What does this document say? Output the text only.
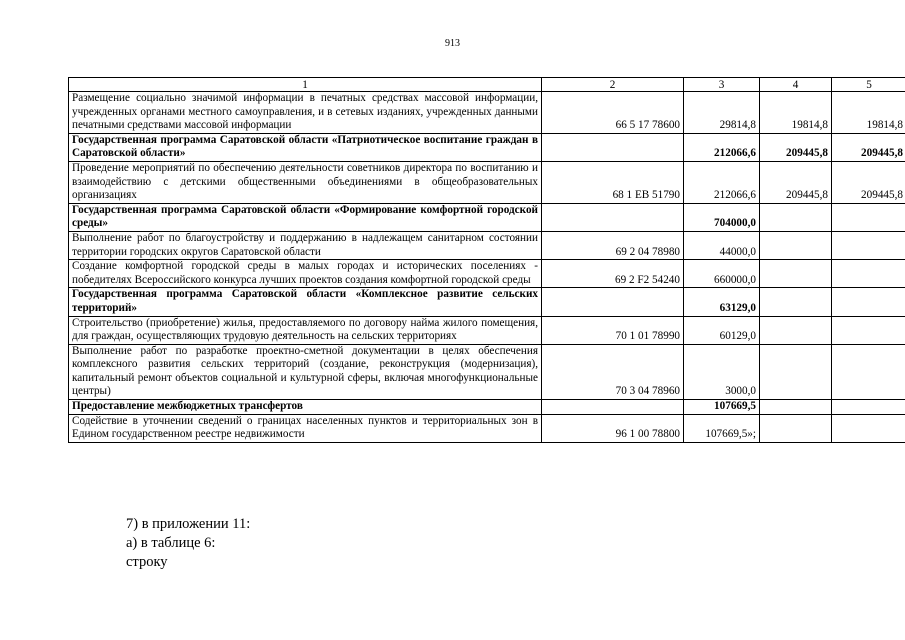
913
1	2	3	4	5
Размещение социально значимой информации в печатных средствах массовой информации, учрежденных органами местного самоуправления, и в сетевых изданиях, учрежденных данными печатными средствами массовой информации	66 5 17 78600	29814,8	19814,8	19814,8
Государственная программа Саратовской области «Патриотическое воспитание граждан в Саратовской области»		212066,6	209445,8	209445,8
Проведение мероприятий по обеспечению деятельности советников директора по воспитанию и взаимодействию с детскими общественными объединениями в общеобразовательных организациях	68 1 ЕВ 51790	212066,6	209445,8	209445,8
Государственная программа Саратовской области «Формирование комфортной городской среды»		704000,0		
Выполнение работ по благоустройству и поддержанию в надлежащем санитарном состоянии территории городских округов Саратовской области	69 2 04 78980	44000,0		
Создание комфортной городской среды в малых городах и исторических поселениях - победителях Всероссийского конкурса лучших проектов создания комфортной городской среды	69 2 F2 54240	660000,0		
Государственная программа Саратовской области «Комплексное развитие сельских территорий»		63129,0		
Строительство (приобретение) жилья, предоставляемого по договору найма жилого помещения, для граждан, осуществляющих трудовую деятельность на сельских территориях	70 1 01 78990	60129,0		
Выполнение работ по разработке проектно-сметной документации в целях обеспечения комплексного развития сельских территорий (создание, реконструкция (модернизация), капитальный ремонт объектов социальной и культурной сферы, включая многофункциональные центры)	70 3 04 78960	3000,0		
Предоставление межбюджетных трансфертов		107669,5		
Содействие в уточнении сведений о границах населенных пунктов и территориальных зон в Едином государственном реестре недвижимости	96 1 00 78800	107669,5»;		
7) в приложении 11:
а) в таблице 6:
строку
